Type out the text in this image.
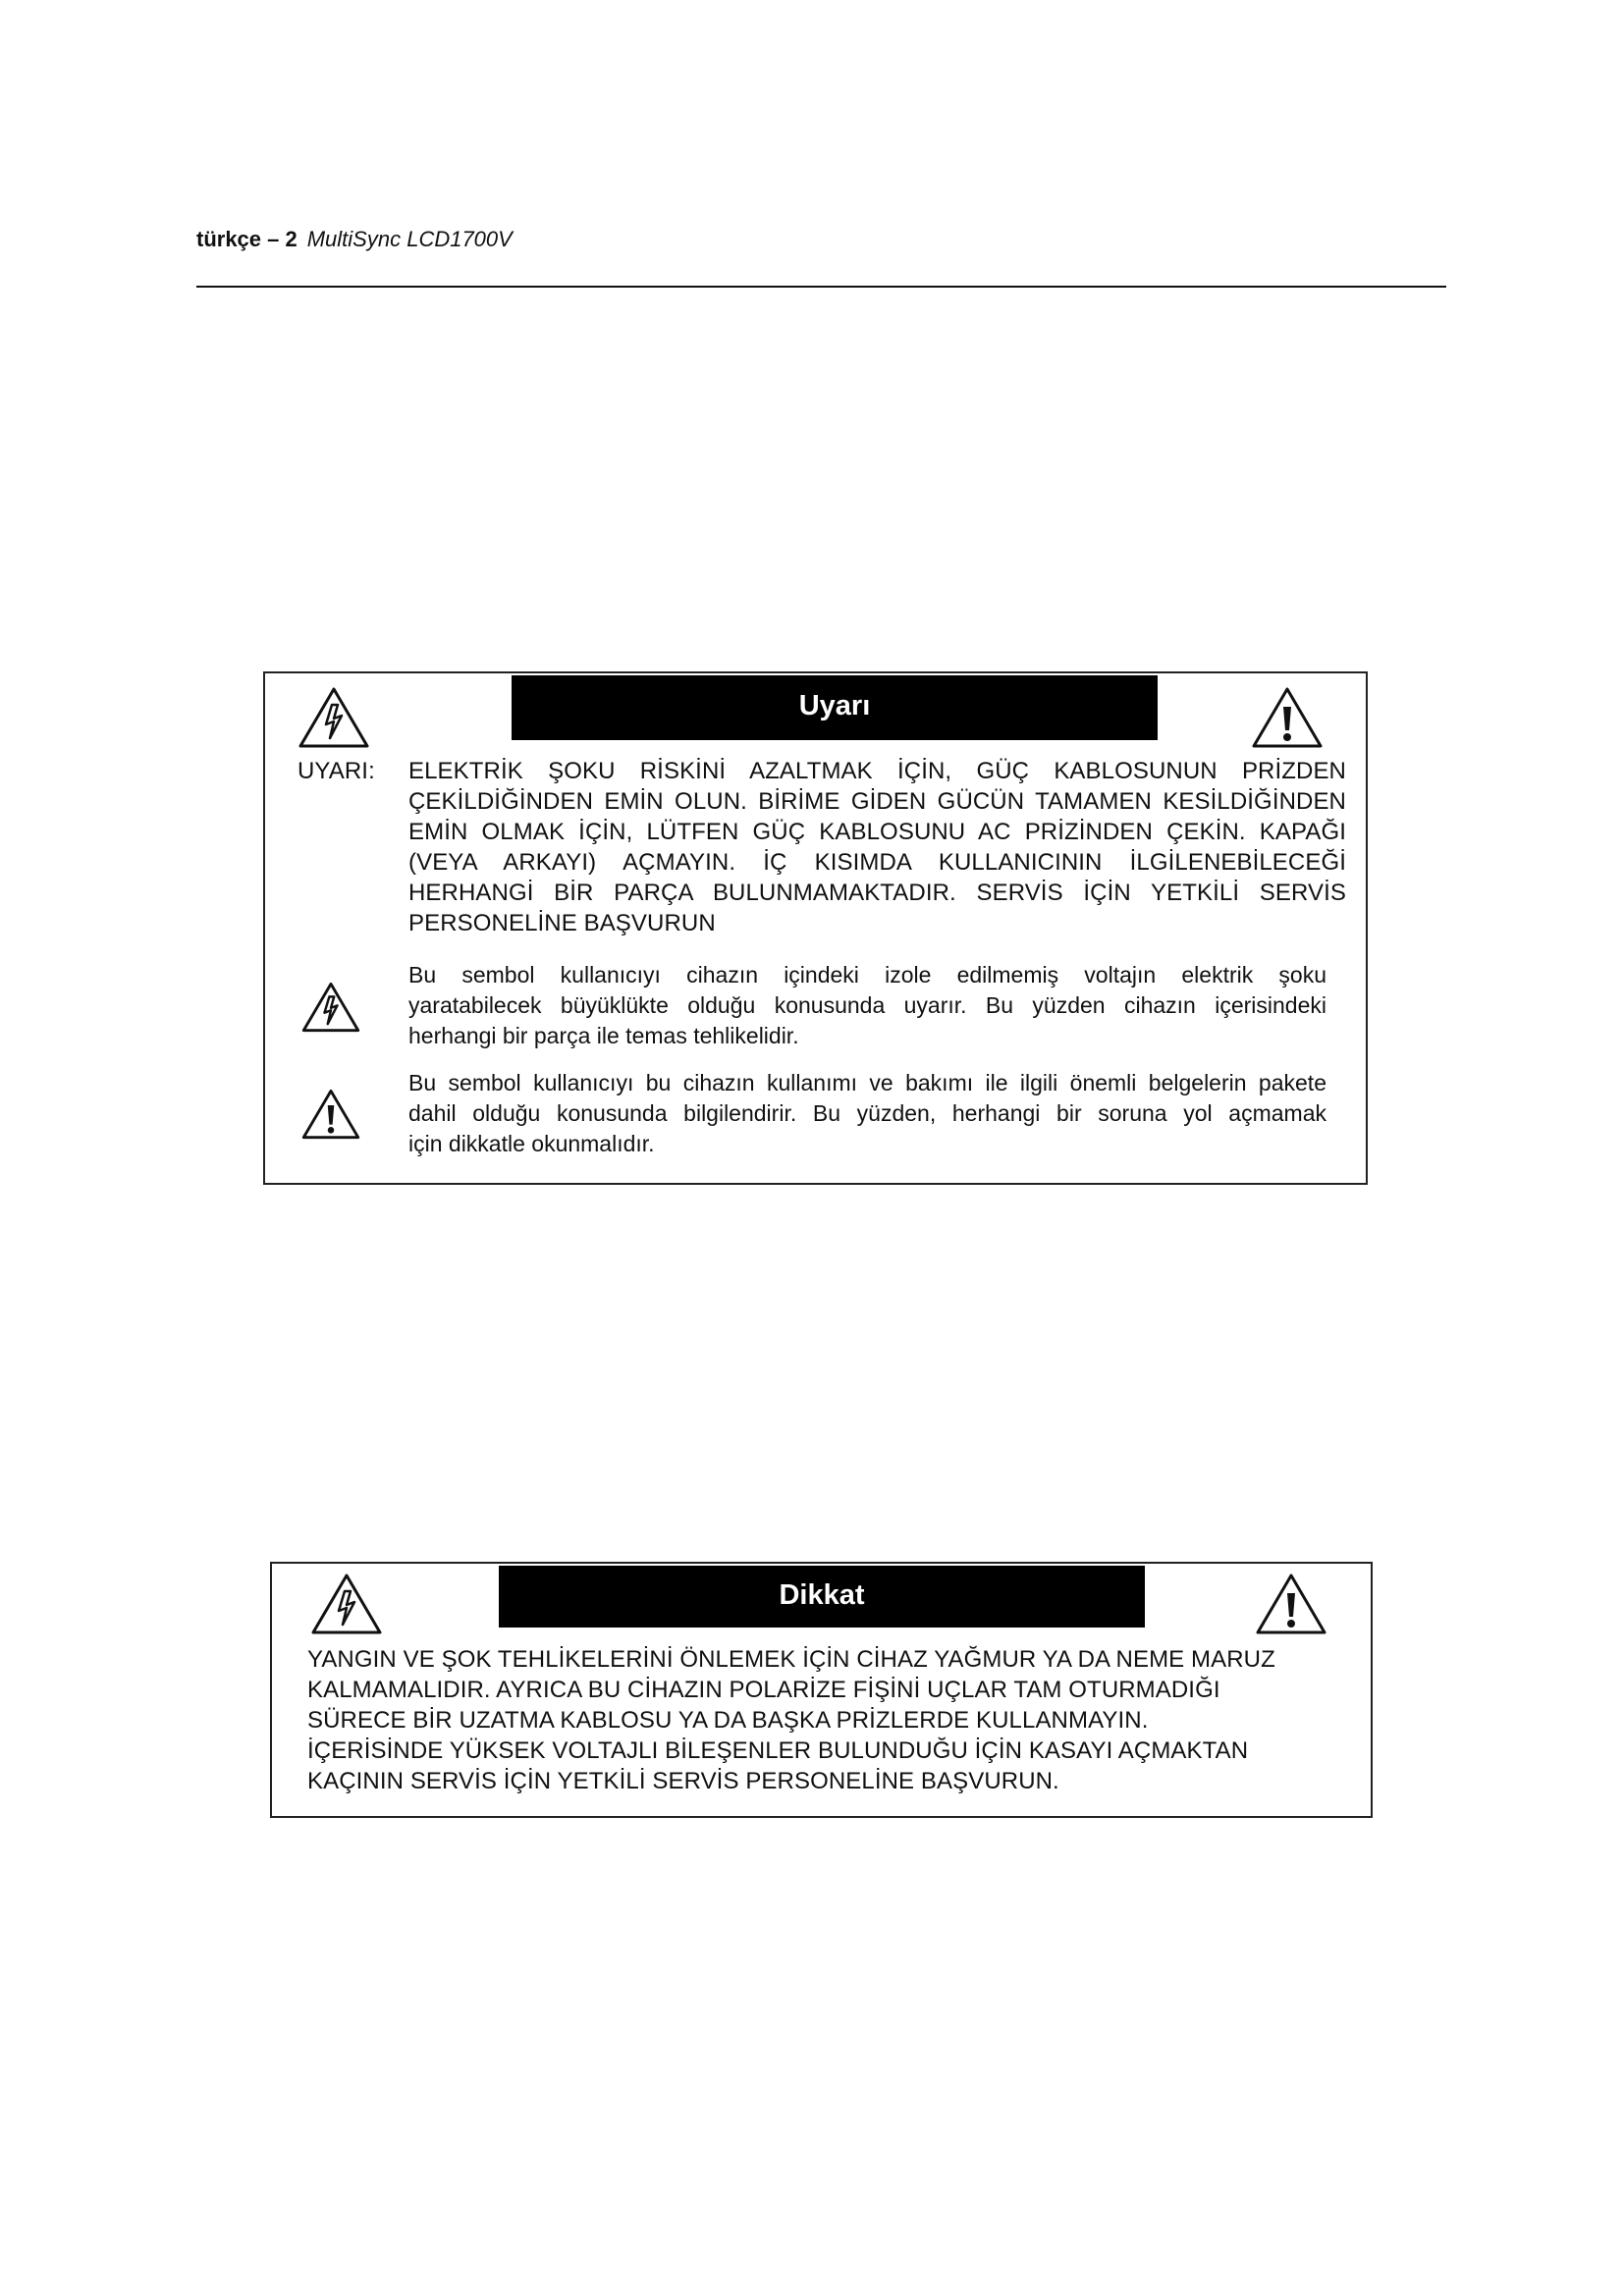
türkçe – 2 MultiSync LCD1700V
Uyarı
UYARI: ELEKTRİK ŞOKU RİSKİNİ AZALTMAK İÇİN, GÜÇ KABLOSUNUN PRİZDEN
ÇEKİLDİĞİNDEN EMİN OLUN. BİRİME GİDEN GÜCÜN TAMAMEN KESİLDİĞİNDEN
EMİN OLMAK İÇİN, LÜTFEN GÜÇ KABLOSUNU AC PRİZİNDEN ÇEKİN. KAPAĞI
(VEYA ARKAYI) AÇMAYIN. İÇ KISIMDA KULLANICININ İLGİLENEBİLECEĞİ
HERHANGİ BİR PARÇA BULUNMAMAKTADIR. SERVİS İÇİN YETKİLİ SERVİS
PERSONELİNE BAŞVURUN
Bu sembol kullanıcıyı cihazın içindeki izole edilmemiş voltajın elektrik şoku
yaratabilecek büyüklükte olduğu konusunda uyarır. Bu yüzden cihazın içerisindeki
herhangi bir parça ile temas tehlikelidir.
Bu sembol kullanıcıyı bu cihazın kullanımı ve bakımı ile ilgili önemli belgelerin pakete
dahil olduğu konusunda bilgilendirir. Bu yüzden, herhangi bir soruna yol açmamak
için dikkatle okunmalıdır.
Dikkat
YANGIN VE ŞOK TEHLİKELERİNİ ÖNLEMEK İÇİN CİHAZ YAĞMUR YA DA NEME MARUZ
KALMAMALIDIR. AYRICA BU CİHAZIN POLARİZE FİŞİNİ UÇLAR TAM OTURMADIĞI
SÜRECE BİR UZATMA KABLOSU YA DA BAŞKA PRİZLERDE KULLANMAYIN.
İÇERİSİNDE YÜKSEK VOLTAJLI BİLEŞENLER BULUNDUĞU İÇİN KASAYI AÇMAKTAN
KAÇININ SERVİS İÇİN YETKİLİ SERVİS PERSONELİNE BAŞVURUN.
